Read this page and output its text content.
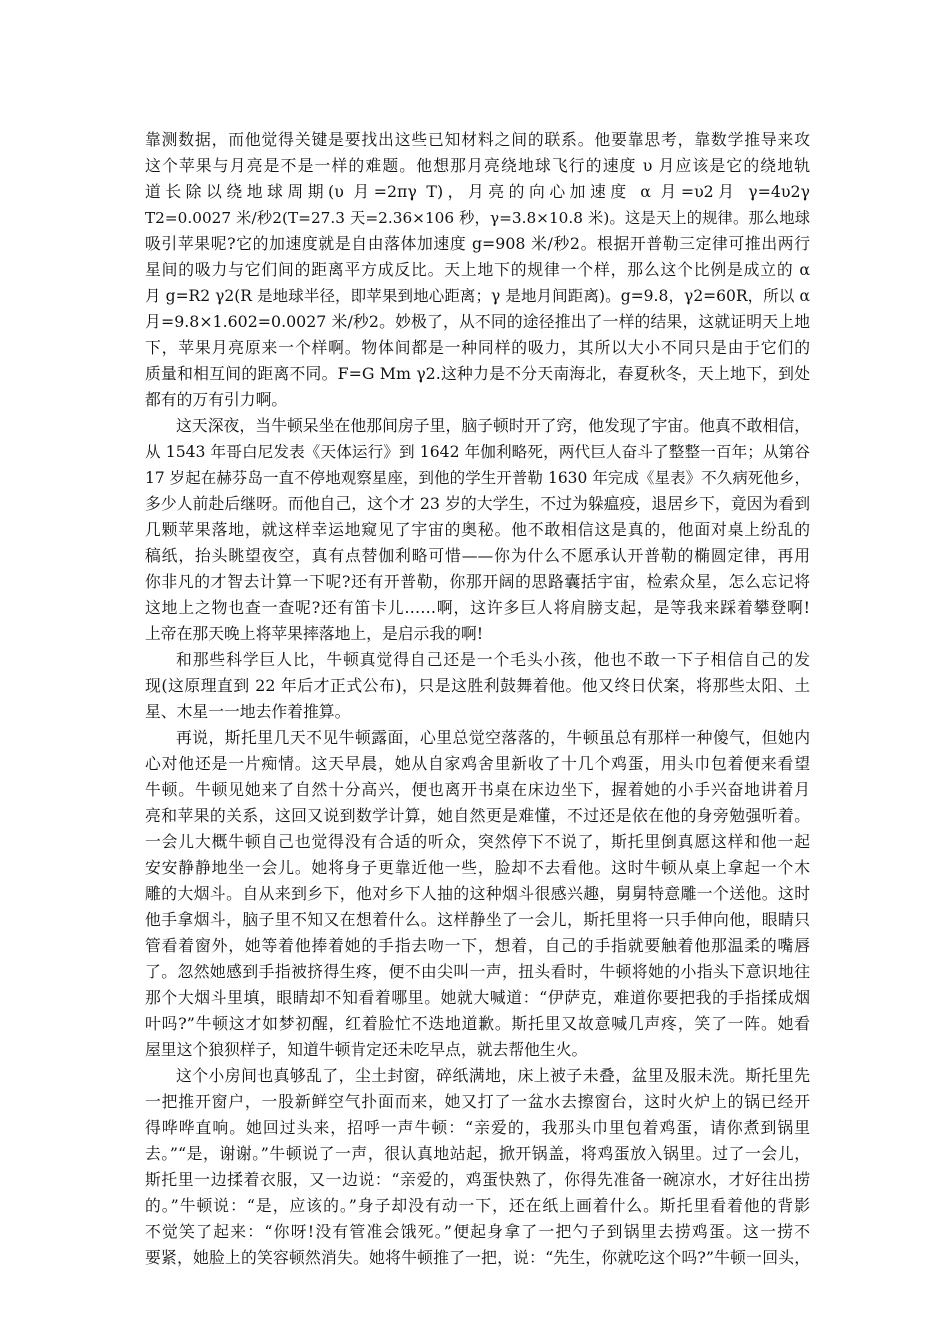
靠测数据，而他觉得关键是要找出这些已知材料之间的联系。他要靠思考，靠数学推导来攻
这个苹果与月亮是不是一样的难题。他想那月亮绕地球飞行的速度 υ 月应该是它的绕地轨
道长除以绕地球周期(υ 月=2πγ T)，月亮的向心加速度 α 月=υ2月 γ=4υ2γ
T2=0.0027 米/秒2(T=27.3 天=2.36×106 秒，γ=3.8×10.8 米)。这是天上的规律。那么地球
吸引苹果呢?它的加速度就是自由落体加速度 g=908 米/秒2。根据开普勒三定律可推出两行
星间的吸力与它们间的距离平方成反比。天上地下的规律一个样，那么这个比例是成立的 α
月 g=R2 γ2(R 是地球半径，即苹果到地心距离；γ 是地月间距离)。g=9.8，γ2=60R，所以 α
月=9.8×1.602=0.0027 米/秒2。妙极了，从不同的途径推出了一样的结果，这就证明天上地
下，苹果月亮原来一个样啊。物体间都是一种同样的吸力，其所以大小不同只是由于它们的
质量和相互间的距离不同。F=G Mm γ2.这种力是不分天南海北，春夏秋冬，天上地下，到处
都有的万有引力啊。
这天深夜，当牛顿呆坐在他那间房子里，脑子顿时开了窍，他发现了宇宙。他真不敢相信，
从 1543 年哥白尼发表《天体运行》到 1642 年伽利略死，两代巨人奋斗了整整一百年；从第谷
17 岁起在赫芬岛一直不停地观察星座，到他的学生开普勒 1630 年完成《星表》不久病死他乡，
多少人前赴后继呀。而他自己，这个才 23 岁的大学生，不过为躲瘟疫，退居乡下，竟因为看到
几颗苹果落地，就这样幸运地窥见了宇宙的奥秘。他不敢相信这是真的，他面对桌上纷乱的
稿纸，抬头眺望夜空，真有点替伽利略可惜——你为什么不愿承认开普勒的椭圆定律，再用
你非凡的才智去计算一下呢?还有开普勒，你那开阔的思路囊括宇宙，检索众星，怎么忘记将
这地上之物也查一查呢?还有笛卡儿……啊，这许多巨人将肩膀支起，是等我来踩着攀登啊!
上帝在那天晚上将苹果摔落地上，是启示我的啊!
和那些科学巨人比，牛顿真觉得自己还是一个毛头小孩，他也不敢一下子相信自己的发
现(这原理直到 22 年后才正式公布)，只是这胜利鼓舞着他。他又终日伏案，将那些太阳、土
星、木星一一地去作着推算。
再说，斯托里几天不见牛顿露面，心里总觉空落落的，牛顿虽总有那样一种傻气，但她内
心对他还是一片痴情。这天早晨，她从自家鸡舍里新收了十几个鸡蛋，用头巾包着便来看望
牛顿。牛顿见她来了自然十分高兴，便也离开书桌在床边坐下，握着她的小手兴奋地讲着月
亮和苹果的关系，这回又说到数学计算，她自然更是难懂，不过还是依在他的身旁勉强听着。
一会儿大概牛顿自己也觉得没有合适的听众，突然停下不说了，斯托里倒真愿这样和他一起
安安静静地坐一会儿。她将身子更靠近他一些，脸却不去看他。这时牛顿从桌上拿起一个木
雕的大烟斗。自从来到乡下，他对乡下人抽的这种烟斗很感兴趣，舅舅特意雕一个送他。这时
他手拿烟斗，脑子里不知又在想着什么。这样静坐了一会儿，斯托里将一只手伸向他，眼睛只
管看着窗外，她等着他捧着她的手指去吻一下，想着，自己的手指就要触着他那温柔的嘴唇
了。忽然她感到手指被挤得生疼，便不由尖叫一声，扭头看时，牛顿将她的小指头下意识地往
那个大烟斗里填，眼睛却不知看着哪里。她就大喊道：“伊萨克，难道你要把我的手指揉成烟
叶吗?”牛顿这才如梦初醒，红着脸忙不迭地道歉。斯托里又故意喊几声疼，笑了一阵。她看
屋里这个狼狈样子，知道牛顿肯定还未吃早点，就去帮他生火。
这个小房间也真够乱了，尘土封窗，碎纸满地，床上被子未叠，盆里及服未洗。斯托里先
一把推开窗户，一股新鲜空气扑面而来，她又打了一盆水去擦窗台，这时火炉上的锅已经开
得哗哗直响。她回过头来，招呼一声牛顿：“亲爱的，我那头巾里包着鸡蛋，请你煮到锅里
去。”“是，谢谢。”牛顿说了一声，很认真地站起，掀开锅盖，将鸡蛋放入锅里。过了一会儿，
斯托里一边揉着衣服，又一边说：“亲爱的，鸡蛋快熟了，你得先准备一碗凉水，才好往出捞
的。”牛顿说：“是，应该的。”身子却没有动一下，还在纸上画着什么。斯托里看着他的背影
不觉笑了起来：“你呀!没有管准会饿死。”便起身拿了一把勺子到锅里去捞鸡蛋。这一捞不
要紧，她脸上的笑容顿然消失。她将牛顿推了一把，说：“先生，你就吃这个吗?”牛顿一回头，
